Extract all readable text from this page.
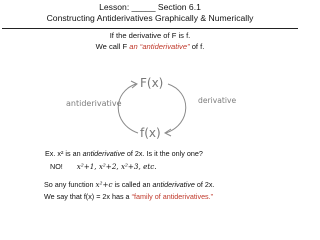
Lesson: _____ Section 6.1
Constructing Antiderivatives Graphically & Numerically
If the derivative of F is f.
We call F an “antiderivative” of f.
F(x)
f(x)
antiderivative	derivative
Ex. x² is an antiderivative of 2x. Is it the only one?
NO! x²+1, x²+2, x²+3, etc.
So any function x²+c is called an antiderivative of 2x.
We say that f(x) = 2x has a “family of antiderivatives.”
